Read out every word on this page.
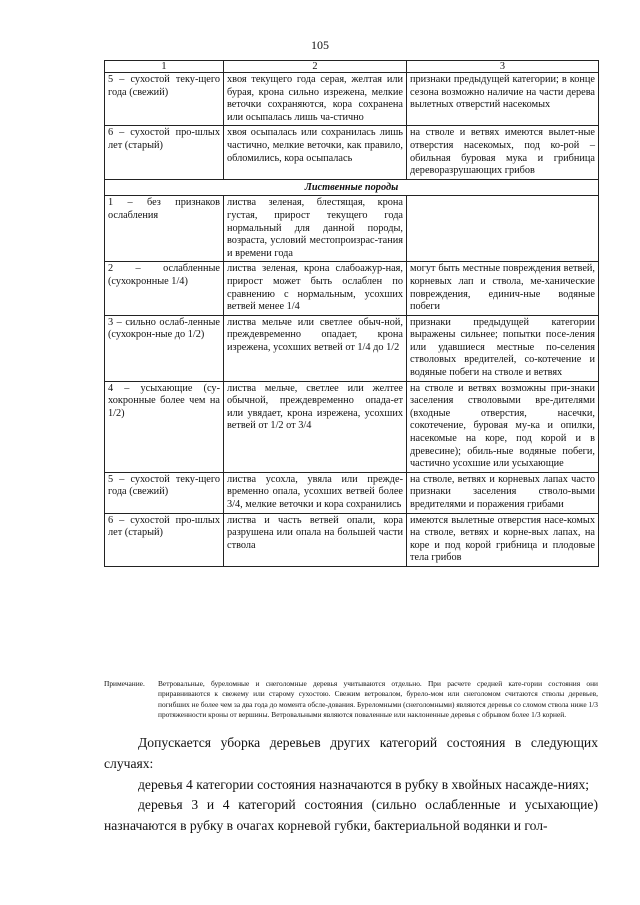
105
1	2	3
5 – сухостой теку-щего года (свежий)	хвоя текущего года серая, желтая или бурая, крона сильно изрежена, мелкие веточки сохраняются, кора сохранена или осыпалась лишь ча-стично	признаки предыдущей категории; в конце сезона возможно наличие на части дерева вылетных отверстий насекомых
6 – сухостой про-шлых лет (старый)	хвоя осыпалась или сохранилась лишь частично, мелкие веточки, как правило, обломились, кора осыпалась	на стволе и ветвях имеются вылет-ные отверстия насекомых, под ко-рой – обильная буровая мука и грибница дереворазрушающих грибов
Лиственные породы		
1 – без признаков ослабления	листва зеленая, блестящая, крона густая, прирост текущего года нормальный для данной породы, возраста, условий местопроизрас-тания и времени года	
2 – ослабленные (сухокронные 1/4)	листва зеленая, крона слабоажур-ная, прирост может быть ослаблен по сравнению с нормальным, усохших ветвей менее 1/4	могут быть местные повреждения ветвей, корневых лап и ствола, ме-ханические повреждения, единич-ные водяные побеги
3 – сильно ослаб-ленные (сухокрон-ные до 1/2)	листва мельче или светлее обыч-ной, преждевременно опадает, крона изрежена, усохших ветвей от 1/4 до 1/2	признаки предыдущей категории выражены сильнее; попытки посе-ления или удавшиеся местные по-селения стволовых вредителей, со-котечение и водяные побеги на стволе и ветвях
4 – усыхающие (су-хокронные более чем на 1/2)	листва мельче, светлее или желтее обычной, преждевременно опада-ет или увядает, крона изрежена, усохших ветвей от 1/2 от 3/4	на стволе и ветвях возможны при-знаки заселения стволовыми вре-дителями (входные отверстия, насечки, сокотечение, буровая му-ка и опилки, насекомые на коре, под корой и в древесине); обиль-ные водяные побеги, частично усохшие или усыхающие
5 – сухостой теку-щего года (свежий)	листва усохла, увяла или прежде-временно опала, усохших ветвей более 3/4, мелкие веточки и кора сохранились	на стволе, ветвях и корневых лапах часто признаки заселения стволо-выми вредителями и поражения грибами
6 – сухостой про-шлых лет (старый)	листва и часть ветвей опали, кора разрушена или опала на большей части ствола	имеются вылетные отверстия насе-комых на стволе, ветвях и корне-вых лапах, на коре и под корой грибница и плодовые тела грибов
Примечание.	Ветровальные, буреломные и снеголомные деревья учитываются отдельно. При расчете средней кате-гории состояния они приравниваются к свежему или старому сухостою. Свежим ветровалом, бурело-мом или снеголомом считаются стволы деревьев, погибших не более чем за два года до момента обсле-дования. Буреломными (снеголомными) являются деревья со сломом ствола ниже 1/3 протяженности кроны от вершины. Ветровальными являются поваленные или наклоненные деревья с обрывом более 1/3 корней.

Допускается уборка деревьев других категорий состояния в следующих случаях:

деревья 4 категории состояния назначаются в рубку в хвойных насажде-ниях;

деревья 3 и 4 категорий состояния (сильно ослабленные и усыхающие) назначаются в рубку в очагах корневой губки, бактериальной водянки и гол-
